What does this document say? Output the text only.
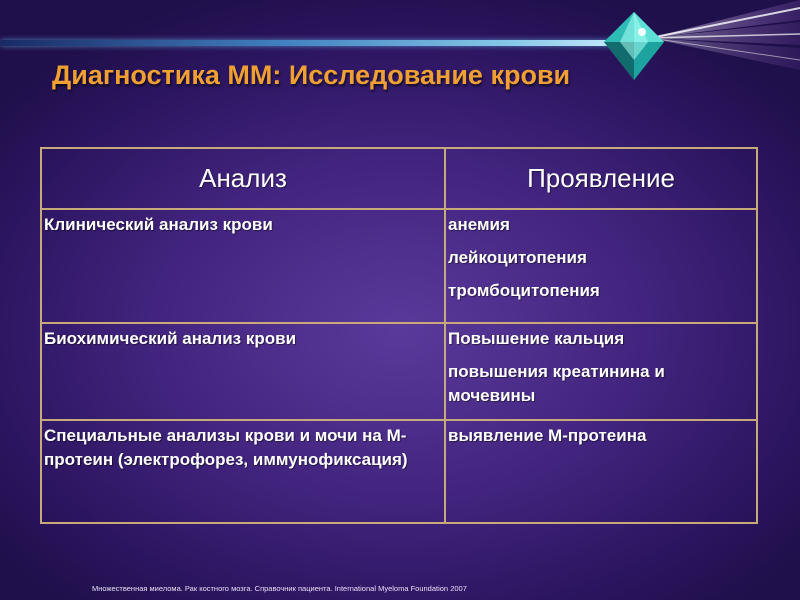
Диагностика ММ: Исследование крови
Анализ	Проявление
Клинический анализ крови	анемия
лейкоцитопения
тромбоцитопения

Биохимический анализ крови	Повышение кальция
повышения креатинина и мочевины

Специальные анализы крови и мочи на М-протеин (электрофорез, иммунофиксация)	выявление М-протеина
Множественная миелома. Рак костного мозга. Справочник пациента. International Myeloma Foundation 2007
